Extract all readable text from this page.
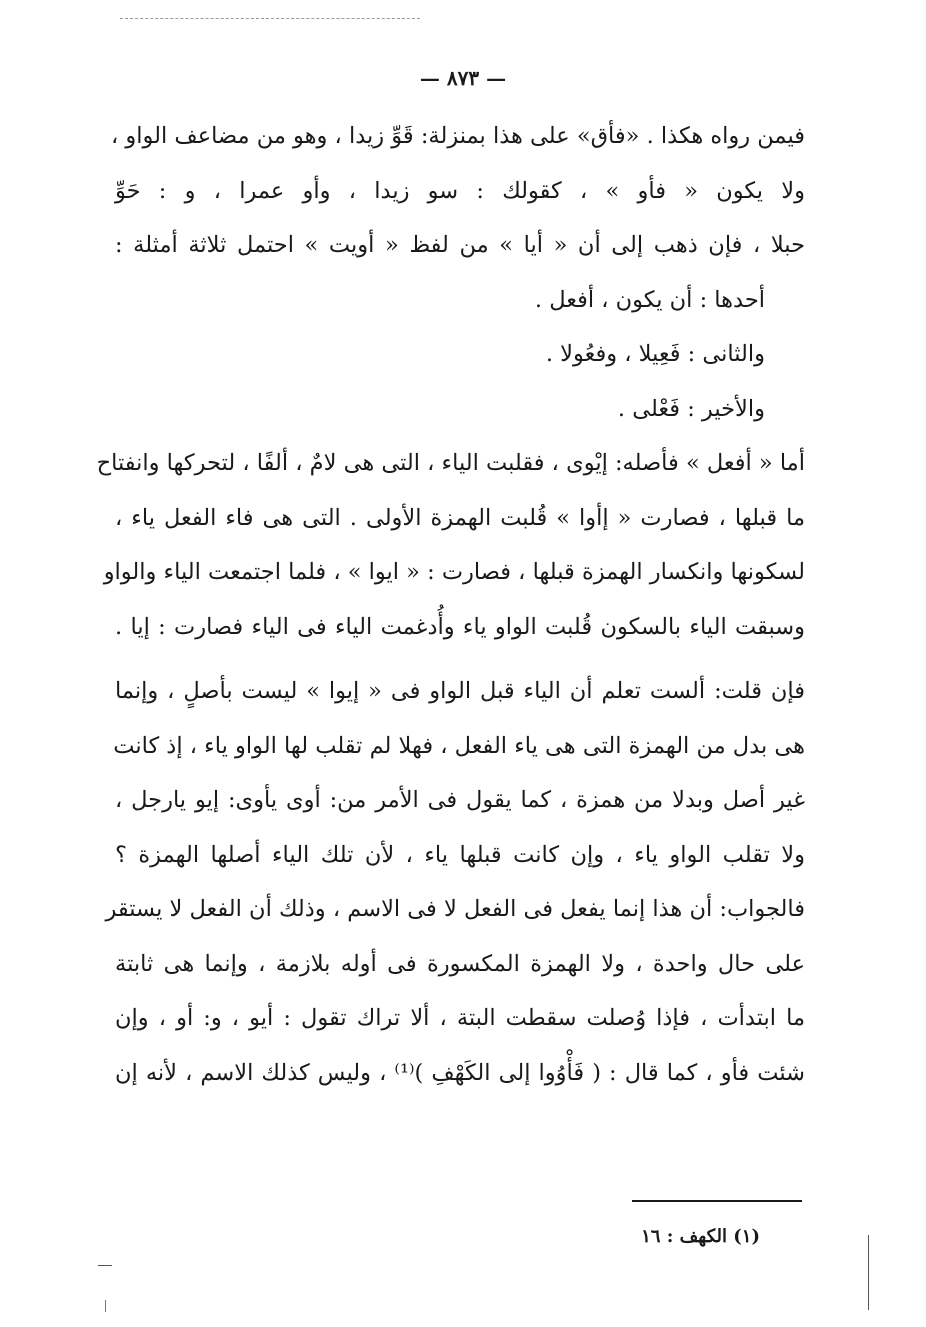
— ٨٧٣ —
فيمن رواه هكذا . «فأق» على هذا بمنزلة: قَوِّ زيدا ، وهو من مضاعف الواو ،
ولا يكون « فأو » ، كقولك : سو زيدا ، وأو عمرا ، و : حَوِّ
حبلا ، فإن ذهب إلى أن « أيا » من لفظ « أويت » احتمل ثلاثة أمثلة :
أحدها : أن يكون ، أفعل .
والثانى : فَعِيلا ، وفعُولا .
والأخير : فَعْلى .
أما « أفعل » فأصله: إيْوى ، فقلبت الياء ، التى هى لامٌ ، ألفًا ، لتحركها وانفتاح
ما قبلها ، فصارت « إأوا » قُلبت الهمزة الأولى . التى هى فاء الفعل ياء ،
لسكونها وانكسار الهمزة قبلها ، فصارت : « ايوا » ، فلما اجتمعت الياء والواو
وسبقت الياء بالسكون قُلبت الواو ياء وأُدغمت الياء فى الياء فصارت : إيا .
فإن قلت: ألست تعلم أن الياء قبل الواو فى « إيوا » ليست بأصلٍ ، وإنما
هى بدل من الهمزة التى هى ياء الفعل ، فهلا لم تقلب لها الواو ياء ، إذ كانت
غير أصل وبدلا من همزة ، كما يقول فى الأمر من: أوى يأوى: إيو يارجل ،
ولا تقلب الواو ياء ، وإن كانت قبلها ياء ، لأن تلك الياء أصلها الهمزة ؟
فالجواب: أن هذا إنما يفعل فى الفعل لا فى الاسم ، وذلك أن الفعل لا يستقر
على حال واحدة ، ولا الهمزة المكسورة فى أوله بلازمة ، وإنما هى ثابتة
ما ابتدأت ، فإذا وُصلت سقطت البتة ، ألا تراك تقول : أيو ، و: أو ، وإن
شئت فأو ، كما قال : ( فَأْوُوا إلى الكَهْفِ )⁽¹⁾ ، وليس كذلك الاسم ، لأنه إن
(١) الكهف : ١٦
